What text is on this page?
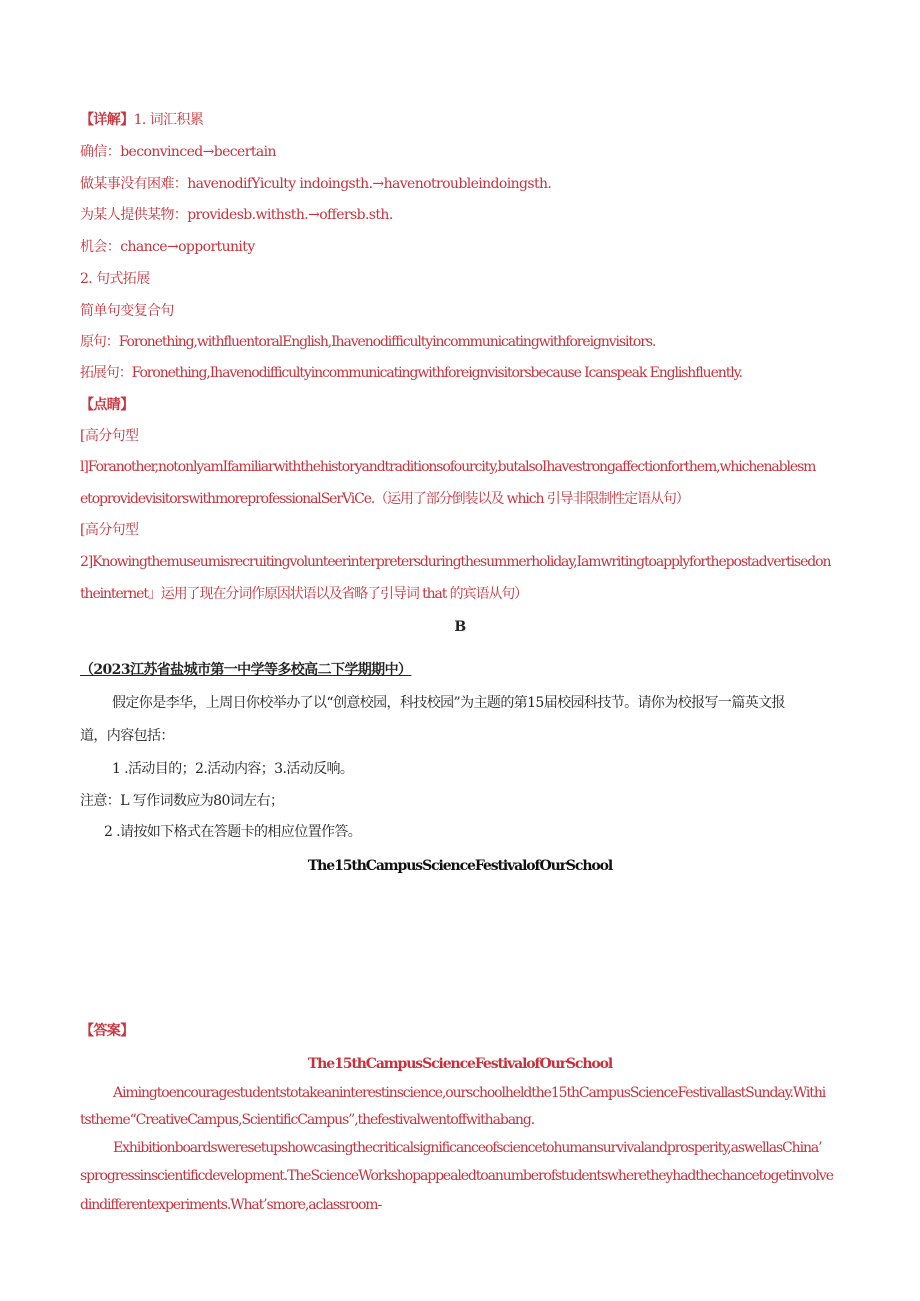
【详解】1. 词汇积累
确信：beconvinced→becertain
做某事没有困难：havenodifYiculty indoingsth.→havenotroubleindoingsth.
为某人提供某物：providesb.withsth.→offersb.sth.
机会：chance→opportunity
2. 句式拓展
简单句变复合句
原句：Foronething,withfluentoralEnglish,Ihavenodifficultyincommunicatingwithforeignvisitors.
拓展句：Foronething,Ihavenodifficultyincommunicatingwithforeignvisitorsbecause Icanspeak Englishfluently.
【点睛】
[高分句型
l]Foranother,notonlyamIfamiliarwiththehistoryandtraditionsofourcity,butalsoIhavestrongaffectionforthem,whichenablesm
etoprovidevisitorswithmoreprofessionalSerViCe.（运用了部分倒装以及 which 引导非限制性定语从句）
[高分句型
2]Knowingthemuseumisrecruitingvolunteerinterpretersduringthesummerholiday,Iamwritingtoapplyforthepostadvertisedon
theinternet」运用了现在分词作原因状语以及省略了引导词 that 的宾语从句）
B
（2023江苏省盐城市第一中学等多校高二下学期期中）
假定你是李华，上周日你校举办了以“创意校园，科技校园”为主题的第15届校园科技节。请你为校报写一篇英文报
道，内容包括：
1 .活动目的；2.活动内容；3.活动反响。
注意：L 写作词数应为80词左右；
2 .请按如下格式在答题卡的相应位置作答。
The15thCampusScienceFestivalofOurSchool
【答案】
The15thCampusScienceFestivalofOurSchool
Aimingtoencouragestudentstotakeaninterestinscience,ourschoolheldthe15thCampusScienceFestivallastSunday.Withi
tstheme“CreativeCampus,ScientificCampus”,thefestivalwentoffwithabang.
Exhibitionboardsweresetupshowcasingthecriticalsignificanceofsciencetohumansurvivalandprosperity,aswellasChina’
sprogressinscientificdevelopment.TheScienceWorkshopappealedtoanumberofstudentswheretheyhadthechancetogetinvolve
dindifferentexperiments.What’smore,aclassroom-
